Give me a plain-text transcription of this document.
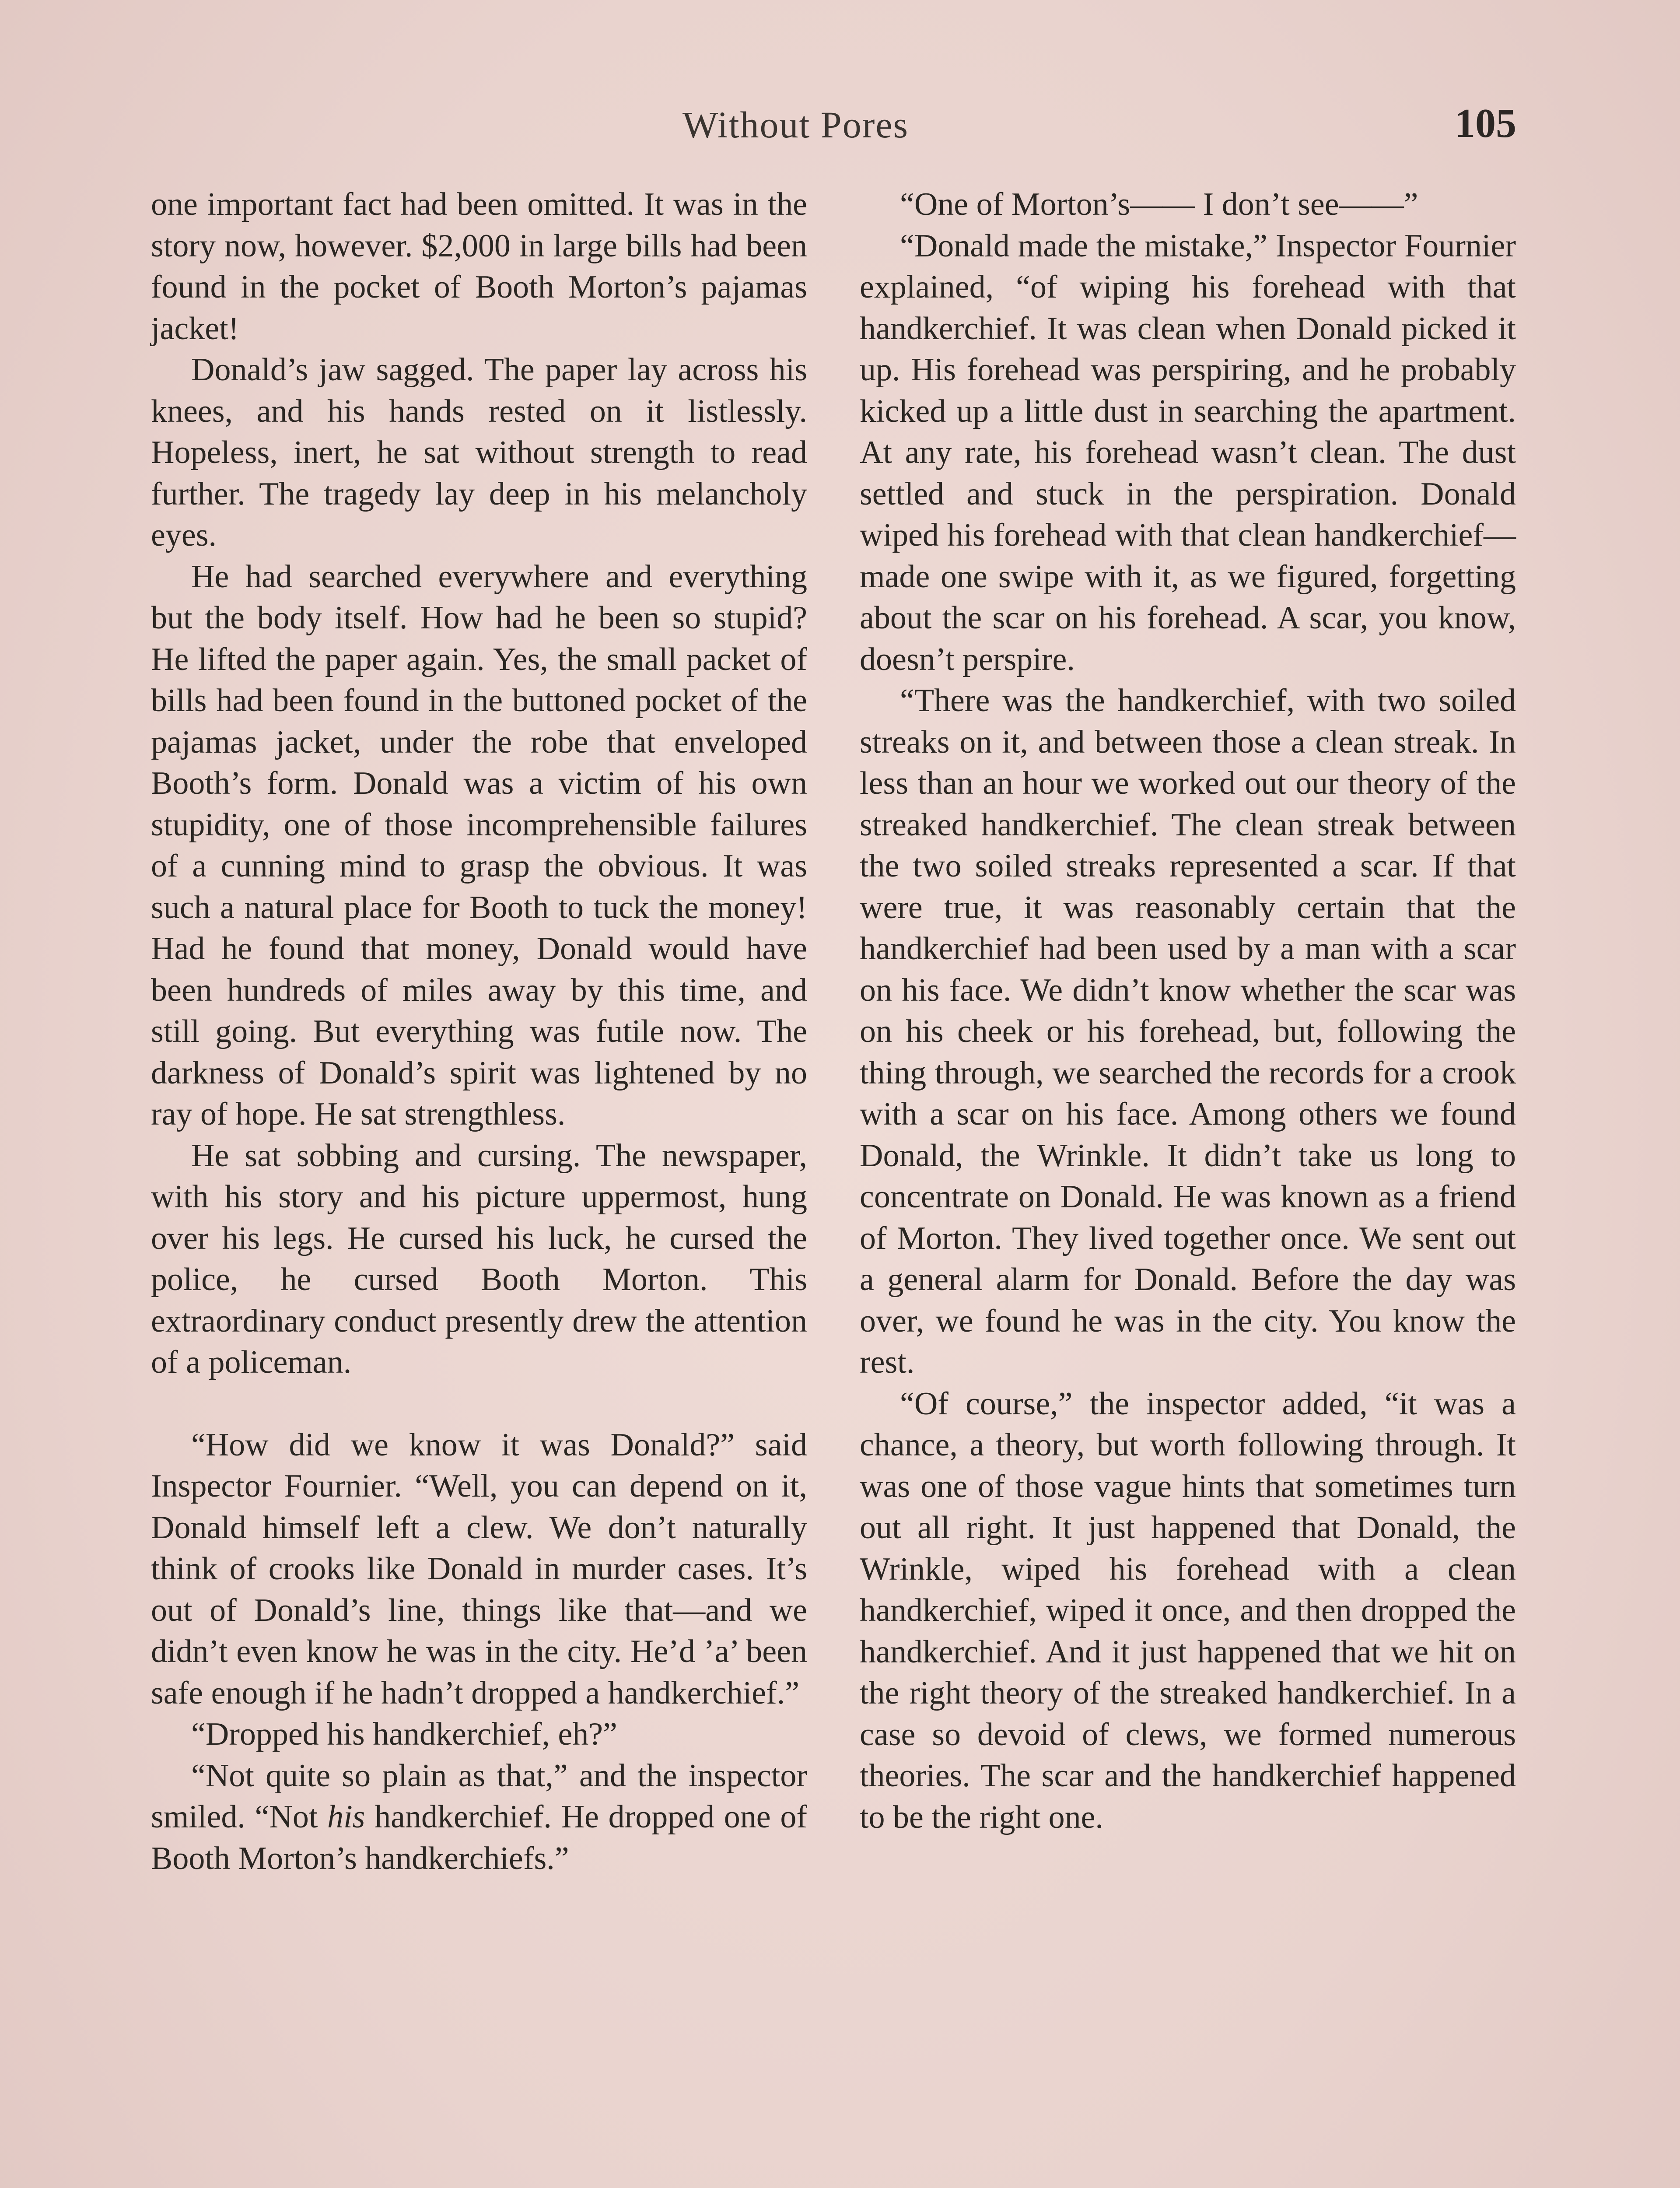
Without Pores	105

one important fact had been omitted. It was in the story now, however. $2,000 in large bills had been found in the pocket of Booth Morton’s pajamas jacket!

Donald’s jaw sagged. The paper lay across his knees, and his hands rested on it listlessly. Hopeless, inert, he sat without strength to read further. The tragedy lay deep in his melancholy eyes.

He had searched everywhere and everything but the body itself. How had he been so stupid? He lifted the paper again. Yes, the small packet of bills had been found in the buttoned pocket of the pajamas jacket, under the robe that enveloped Booth’s form. Donald was a victim of his own stupidity, one of those incomprehensible failures of a cunning mind to grasp the obvious. It was such a natural place for Booth to tuck the money! Had he found that money, Donald would have been hundreds of miles away by this time, and still going. But everything was futile now. The darkness of Donald’s spirit was lightened by no ray of hope. He sat strengthless.

He sat sobbing and cursing. The newspaper, with his story and his picture uppermost, hung over his legs. He cursed his luck, he cursed the police, he cursed Booth Morton. This extraordinary conduct presently drew the attention of a policeman.

“How did we know it was Donald?” said Inspector Fournier. “Well, you can depend on it, Donald himself left a clew. We don’t naturally think of crooks like Donald in murder cases. It’s out of Donald’s line, things like that—and we didn’t even know he was in the city. He’d ’a’ been safe enough if he hadn’t dropped a handkerchief.”

“Dropped his handkerchief, eh?”

“Not quite so plain as that,” and the inspector smiled. “Not his handkerchief. He dropped one of Booth Morton’s handkerchiefs.”

“One of Morton’s—— I don’t see——”

“Donald made the mistake,” Inspector Fournier explained, “of wiping his forehead with that handkerchief. It was clean when Donald picked it up. His forehead was perspiring, and he probably kicked up a little dust in searching the apartment. At any rate, his forehead wasn’t clean. The dust settled and stuck in the perspiration. Donald wiped his forehead with that clean handkerchief—made one swipe with it, as we figured, forgetting about the scar on his forehead. A scar, you know, doesn’t perspire.

“There was the handkerchief, with two soiled streaks on it, and between those a clean streak. In less than an hour we worked out our theory of the streaked handkerchief. The clean streak between the two soiled streaks represented a scar. If that were true, it was reasonably certain that the handkerchief had been used by a man with a scar on his face. We didn’t know whether the scar was on his cheek or his forehead, but, following the thing through, we searched the records for a crook with a scar on his face. Among others we found Donald, the Wrinkle. It didn’t take us long to concentrate on Donald. He was known as a friend of Morton. They lived together once. We sent out a general alarm for Donald. Before the day was over, we found he was in the city. You know the rest.

“Of course,” the inspector added, “it was a chance, a theory, but worth following through. It was one of those vague hints that sometimes turn out all right. It just happened that Donald, the Wrinkle, wiped his forehead with a clean handkerchief, wiped it once, and then dropped the handkerchief. And it just happened that we hit on the right theory of the streaked handkerchief. In a case so devoid of clews, we formed numerous theories. The scar and the handkerchief happened to be the right one.
